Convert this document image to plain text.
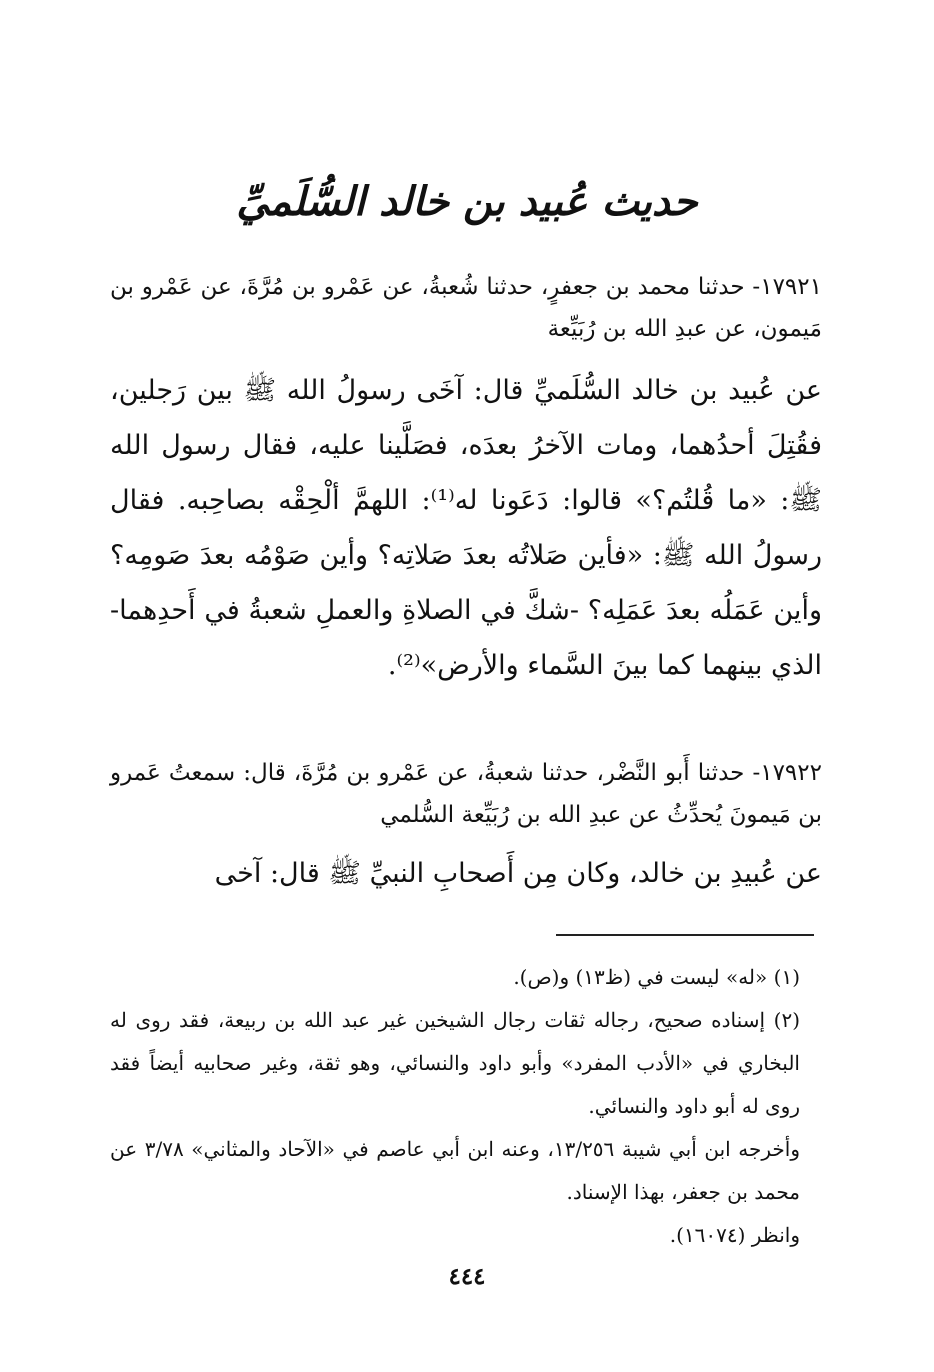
حديث عُبيد بن خالد السُّلَميِّ
١٧٩٢١- حدثنا محمد بن جعفرٍ، حدثنا شُعبةُ، عن عَمْرو بن مُرَّةَ، عن عَمْرو بن مَيمون، عن عبدِ الله بن رُبَيِّعة
عن عُبيد بن خالد السُّلَميِّ قال: آخَى رسولُ الله ﷺ بين رَجلين، فقُتِلَ أحدُهما، ومات الآخرُ بعدَه، فصَلَّينا عليه، فقال رسول الله ﷺ: «ما قُلتُم؟» قالوا: دَعَونا له⁽¹⁾: اللهمَّ ألْحِقْه بصاحِبه. فقال رسولُ الله ﷺ: «فأين صَلاتُه بعدَ صَلاتِه؟ وأين صَوْمُه بعدَ صَومِه؟ وأين عَمَلُه بعدَ عَمَلِه؟ -شكَّ في الصلاةِ والعملِ شعبةُ في أَحدِهما- الذي بينهما كما بينَ السَّماء والأرض»⁽²⁾.
١٧٩٢٢- حدثنا أَبو النَّضْر، حدثنا شعبةُ، عن عَمْرو بن مُرَّةَ، قال: سمعتُ عَمرو بن مَيمونَ يُحدِّثُ عن عبدِ الله بن رُبَيِّعة السُّلمي
عن عُبيدِ بن خالد، وكان مِن أَصحابِ النبيِّ ﷺ قال: آخى

(١) «له» ليست في (ظ١٣) و(ص).

(٢) إسناده صحيح، رجاله ثقات رجال الشيخين غير عبد الله بن ربيعة، فقد روى له البخاري في «الأدب المفرد» وأبو داود والنسائي، وهو ثقة، وغير صحابيه أيضاً فقد روى له أبو داود والنسائي.

وأخرجه ابن أبي شيبة ١٣/٢٥٦، وعنه ابن أبي عاصم في «الآحاد والمثاني» ٣/٧٨ عن محمد بن جعفر، بهذا الإسناد.

وانظر (١٦٠٧٤).

٤٤٤
